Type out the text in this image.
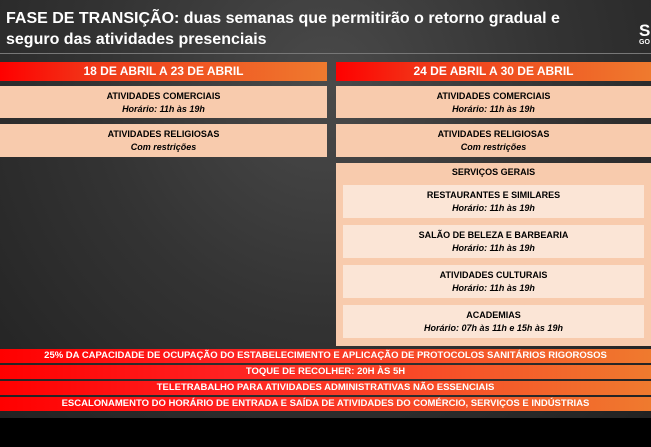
FASE DE TRANSIÇÃO: duas semanas que permitirão o retorno gradual e seguro das atividades presenciais	S
GO
18 DE ABRIL A 23 DE ABRIL
ATIVIDADES COMERCIAIS
Horário: 11h às 19h
ATIVIDADES RELIGIOSAS
Com restrições
24 DE ABRIL A 30 DE ABRIL
ATIVIDADES COMERCIAIS
Horário: 11h às 19h
ATIVIDADES RELIGIOSAS
Com restrições
SERVIÇOS GERAIS
RESTAURANTES E SIMILARES
Horário: 11h às 19h
SALÃO DE BELEZA E BARBEARIA
Horário: 11h às 19h
ATIVIDADES CULTURAIS
Horário: 11h às 19h
ACADEMIAS
Horário: 07h às 11h e 15h às 19h
25% DA CAPACIDADE DE OCUPAÇÃO DO ESTABELECIMENTO E APLICAÇÃO DE PROTOCOLOS SANITÁRIOS RIGOROSOS
TOQUE DE RECOLHER: 20H ÀS 5H
TELETRABALHO PARA ATIVIDADES ADMINISTRATIVAS NÃO ESSENCIAIS
ESCALONAMENTO DO HORÁRIO DE ENTRADA E SAÍDA DE ATIVIDADES DO COMÉRCIO, SERVIÇOS E INDÚSTRIAS
